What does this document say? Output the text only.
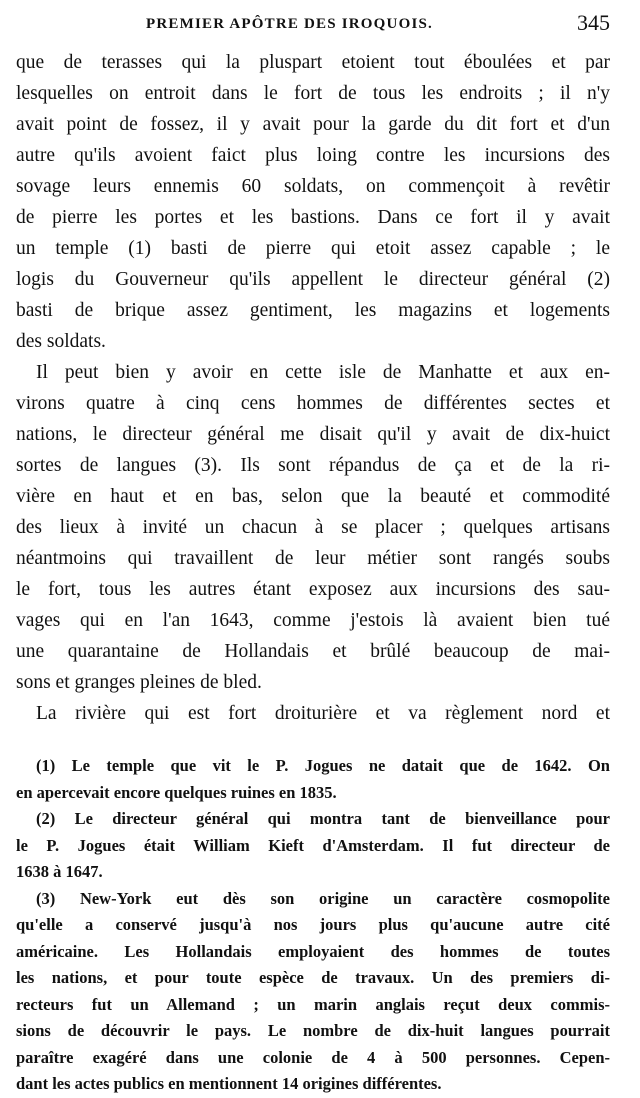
PREMIER APÔTRE DES IROQUOIS.	345
que de terasses qui la pluspart etoient tout éboulées et par
lesquelles on entroit dans le fort de tous les endroits ; il n'y
avait point de fossez, il y avait pour la garde du dit fort et d'un
autre qu'ils avoient faict plus loing contre les incursions des
sovage leurs ennemis 60 soldats, on commençoit à revêtir
de pierre les portes et les bastions. Dans ce fort il y avait
un temple (1) basti de pierre qui etoit assez capable ; le
logis du Gouverneur qu'ils appellent le directeur général (2)
basti de brique assez gentiment, les magazins et logements
des soldats.
Il peut bien y avoir en cette isle de Manhatte et aux en-
virons quatre à cinq cens hommes de différentes sectes et
nations, le directeur général me disait qu'il y avait de dix-huict
sortes de langues (3). Ils sont répandus de ça et de la ri-
vière en haut et en bas, selon que la beauté et commodité
des lieux à invité un chacun à se placer ; quelques artisans
néantmoins qui travaillent de leur métier sont rangés soubs
le fort, tous les autres étant exposez aux incursions des sau-
vages qui en l'an 1643, comme j'estois là avaient bien tué
une quarantaine de Hollandais et brûlé beaucoup de mai-
sons et granges pleines de bled.
La rivière qui est fort droiturière et va règlement nord et
(1) Le temple que vit le P. Jogues ne datait que de 1642. On
en apercevait encore quelques ruines en 1835.
(2) Le directeur général qui montra tant de bienveillance pour
le P. Jogues était William Kieft d'Amsterdam. Il fut directeur de
1638 à 1647.
(3) New-York eut dès son origine un caractère cosmopolite
qu'elle a conservé jusqu'à nos jours plus qu'aucune autre cité
américaine. Les Hollandais employaient des hommes de toutes
les nations, et pour toute espèce de travaux. Un des premiers di-
recteurs fut un Allemand ; un marin anglais reçut deux commis-
sions de découvrir le pays. Le nombre de dix-huit langues pourrait
paraître exagéré dans une colonie de 4 à 500 personnes. Cepen-
dant les actes publics en mentionnent 14 origines différentes.
